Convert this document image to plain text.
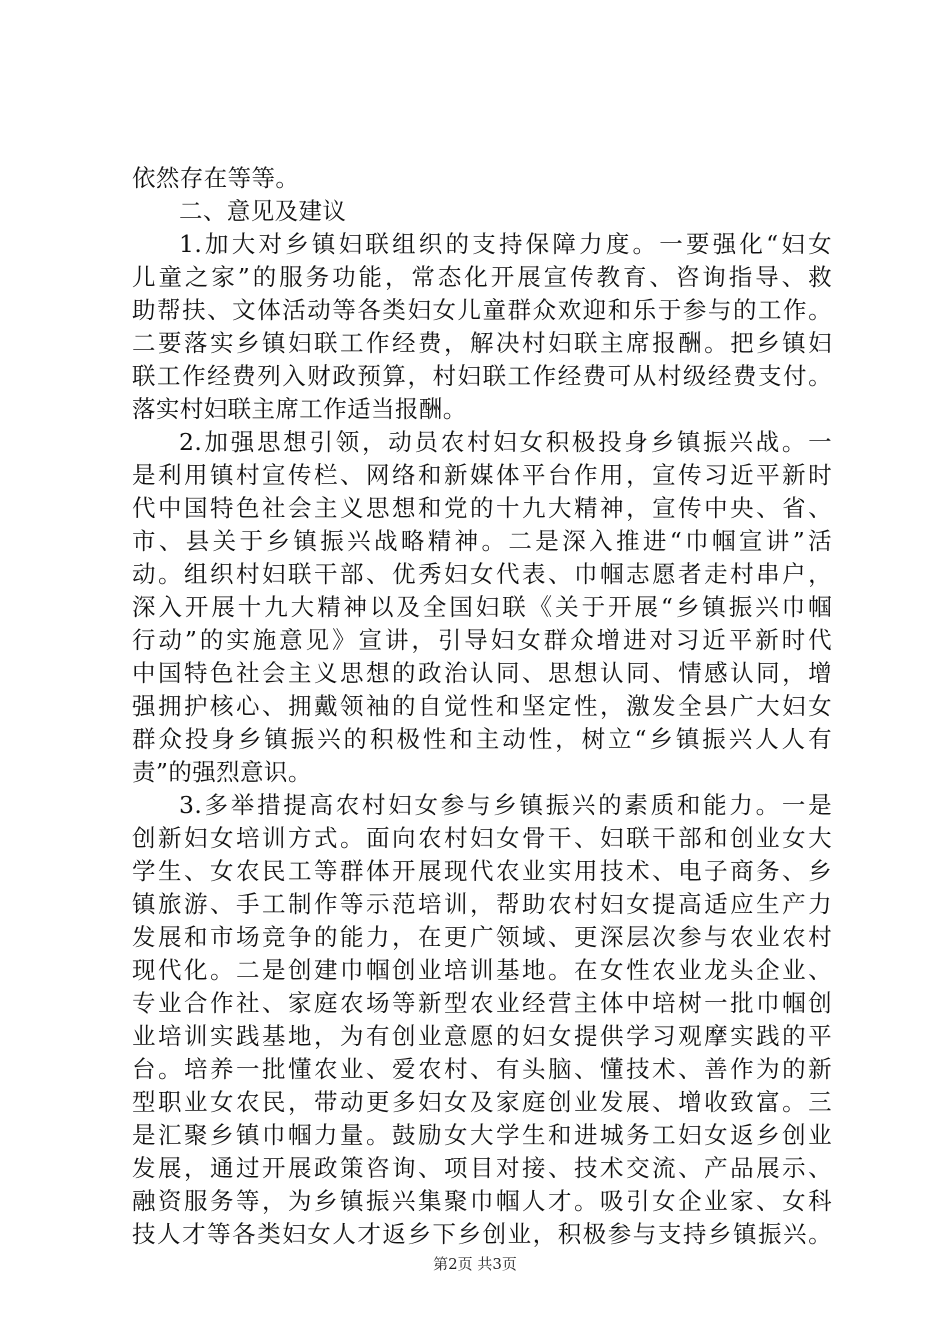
依然存在等等。
二、意见及建议
1.加大对乡镇妇联组织的支持保障力度。一要强化“妇女
儿童之家”的服务功能，常态化开展宣传教育、咨询指导、救
助帮扶、文体活动等各类妇女儿童群众欢迎和乐于参与的工作。
二要落实乡镇妇联工作经费，解决村妇联主席报酬。把乡镇妇
联工作经费列入财政预算，村妇联工作经费可从村级经费支付。
落实村妇联主席工作适当报酬。
2.加强思想引领，动员农村妇女积极投身乡镇振兴战。一
是利用镇村宣传栏、网络和新媒体平台作用，宣传习近平新时
代中国特色社会主义思想和党的十九大精神，宣传中央、省、
市、县关于乡镇振兴战略精神。二是深入推进“巾帼宣讲”活
动。组织村妇联干部、优秀妇女代表、巾帼志愿者走村串户，
深入开展十九大精神以及全国妇联《关于开展“乡镇振兴巾帼
行动”的实施意见》宣讲，引导妇女群众增进对习近平新时代
中国特色社会主义思想的政治认同、思想认同、情感认同，增
强拥护核心、拥戴领袖的自觉性和坚定性，激发全县广大妇女
群众投身乡镇振兴的积极性和主动性，树立“乡镇振兴人人有
责”的强烈意识。
3.多举措提高农村妇女参与乡镇振兴的素质和能力。一是
创新妇女培训方式。面向农村妇女骨干、妇联干部和创业女大
学生、女农民工等群体开展现代农业实用技术、电子商务、乡
镇旅游、手工制作等示范培训，帮助农村妇女提高适应生产力
发展和市场竞争的能力，在更广领域、更深层次参与农业农村
现代化。二是创建巾帼创业培训基地。在女性农业龙头企业、
专业合作社、家庭农场等新型农业经营主体中培树一批巾帼创
业培训实践基地，为有创业意愿的妇女提供学习观摩实践的平
台。培养一批懂农业、爱农村、有头脑、懂技术、善作为的新
型职业女农民，带动更多妇女及家庭创业发展、增收致富。三
是汇聚乡镇巾帼力量。鼓励女大学生和进城务工妇女返乡创业
发展，通过开展政策咨询、项目对接、技术交流、产品展示、
融资服务等，为乡镇振兴集聚巾帼人才。吸引女企业家、女科
技人才等各类妇女人才返乡下乡创业，积极参与支持乡镇振兴。
第2页 共3页
